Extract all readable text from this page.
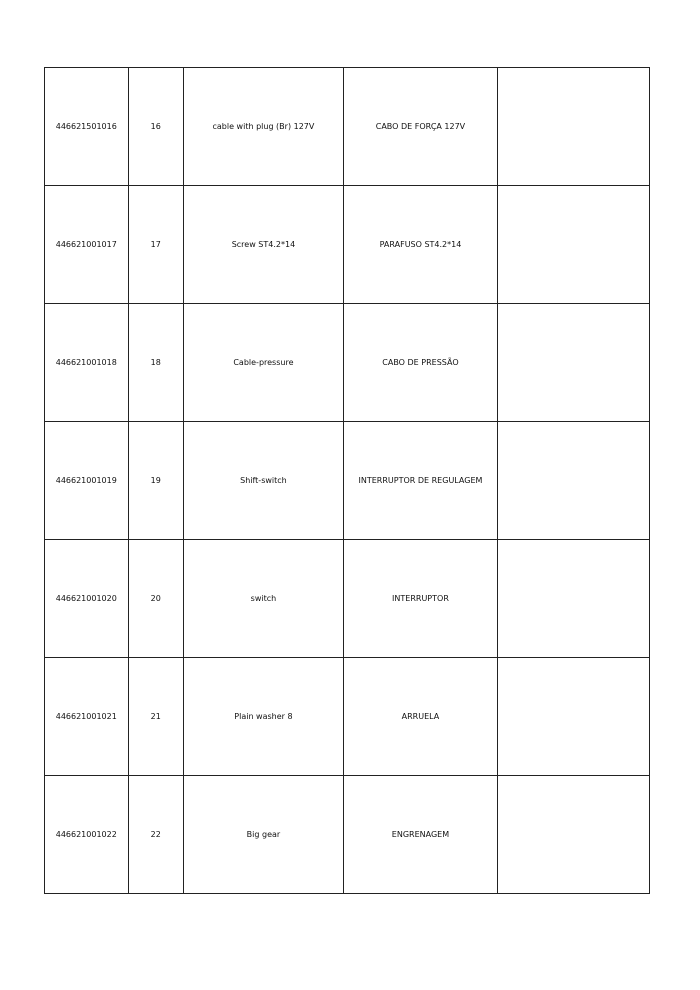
446621501016	16	cable with plug (Br) 127V	CABO DE FORÇA 127V	
446621001017	17	Screw ST4.2*14	PARAFUSO ST4.2*14	
446621001018	18	Cable-pressure	CABO DE PRESSÃO	
446621001019	19	Shift-switch	INTERRUPTOR DE REGULAGEM	
446621001020	20	switch	INTERRUPTOR	
446621001021	21	Plain washer 8	ARRUELA	
446621001022	22	Big gear	ENGRENAGEM	
